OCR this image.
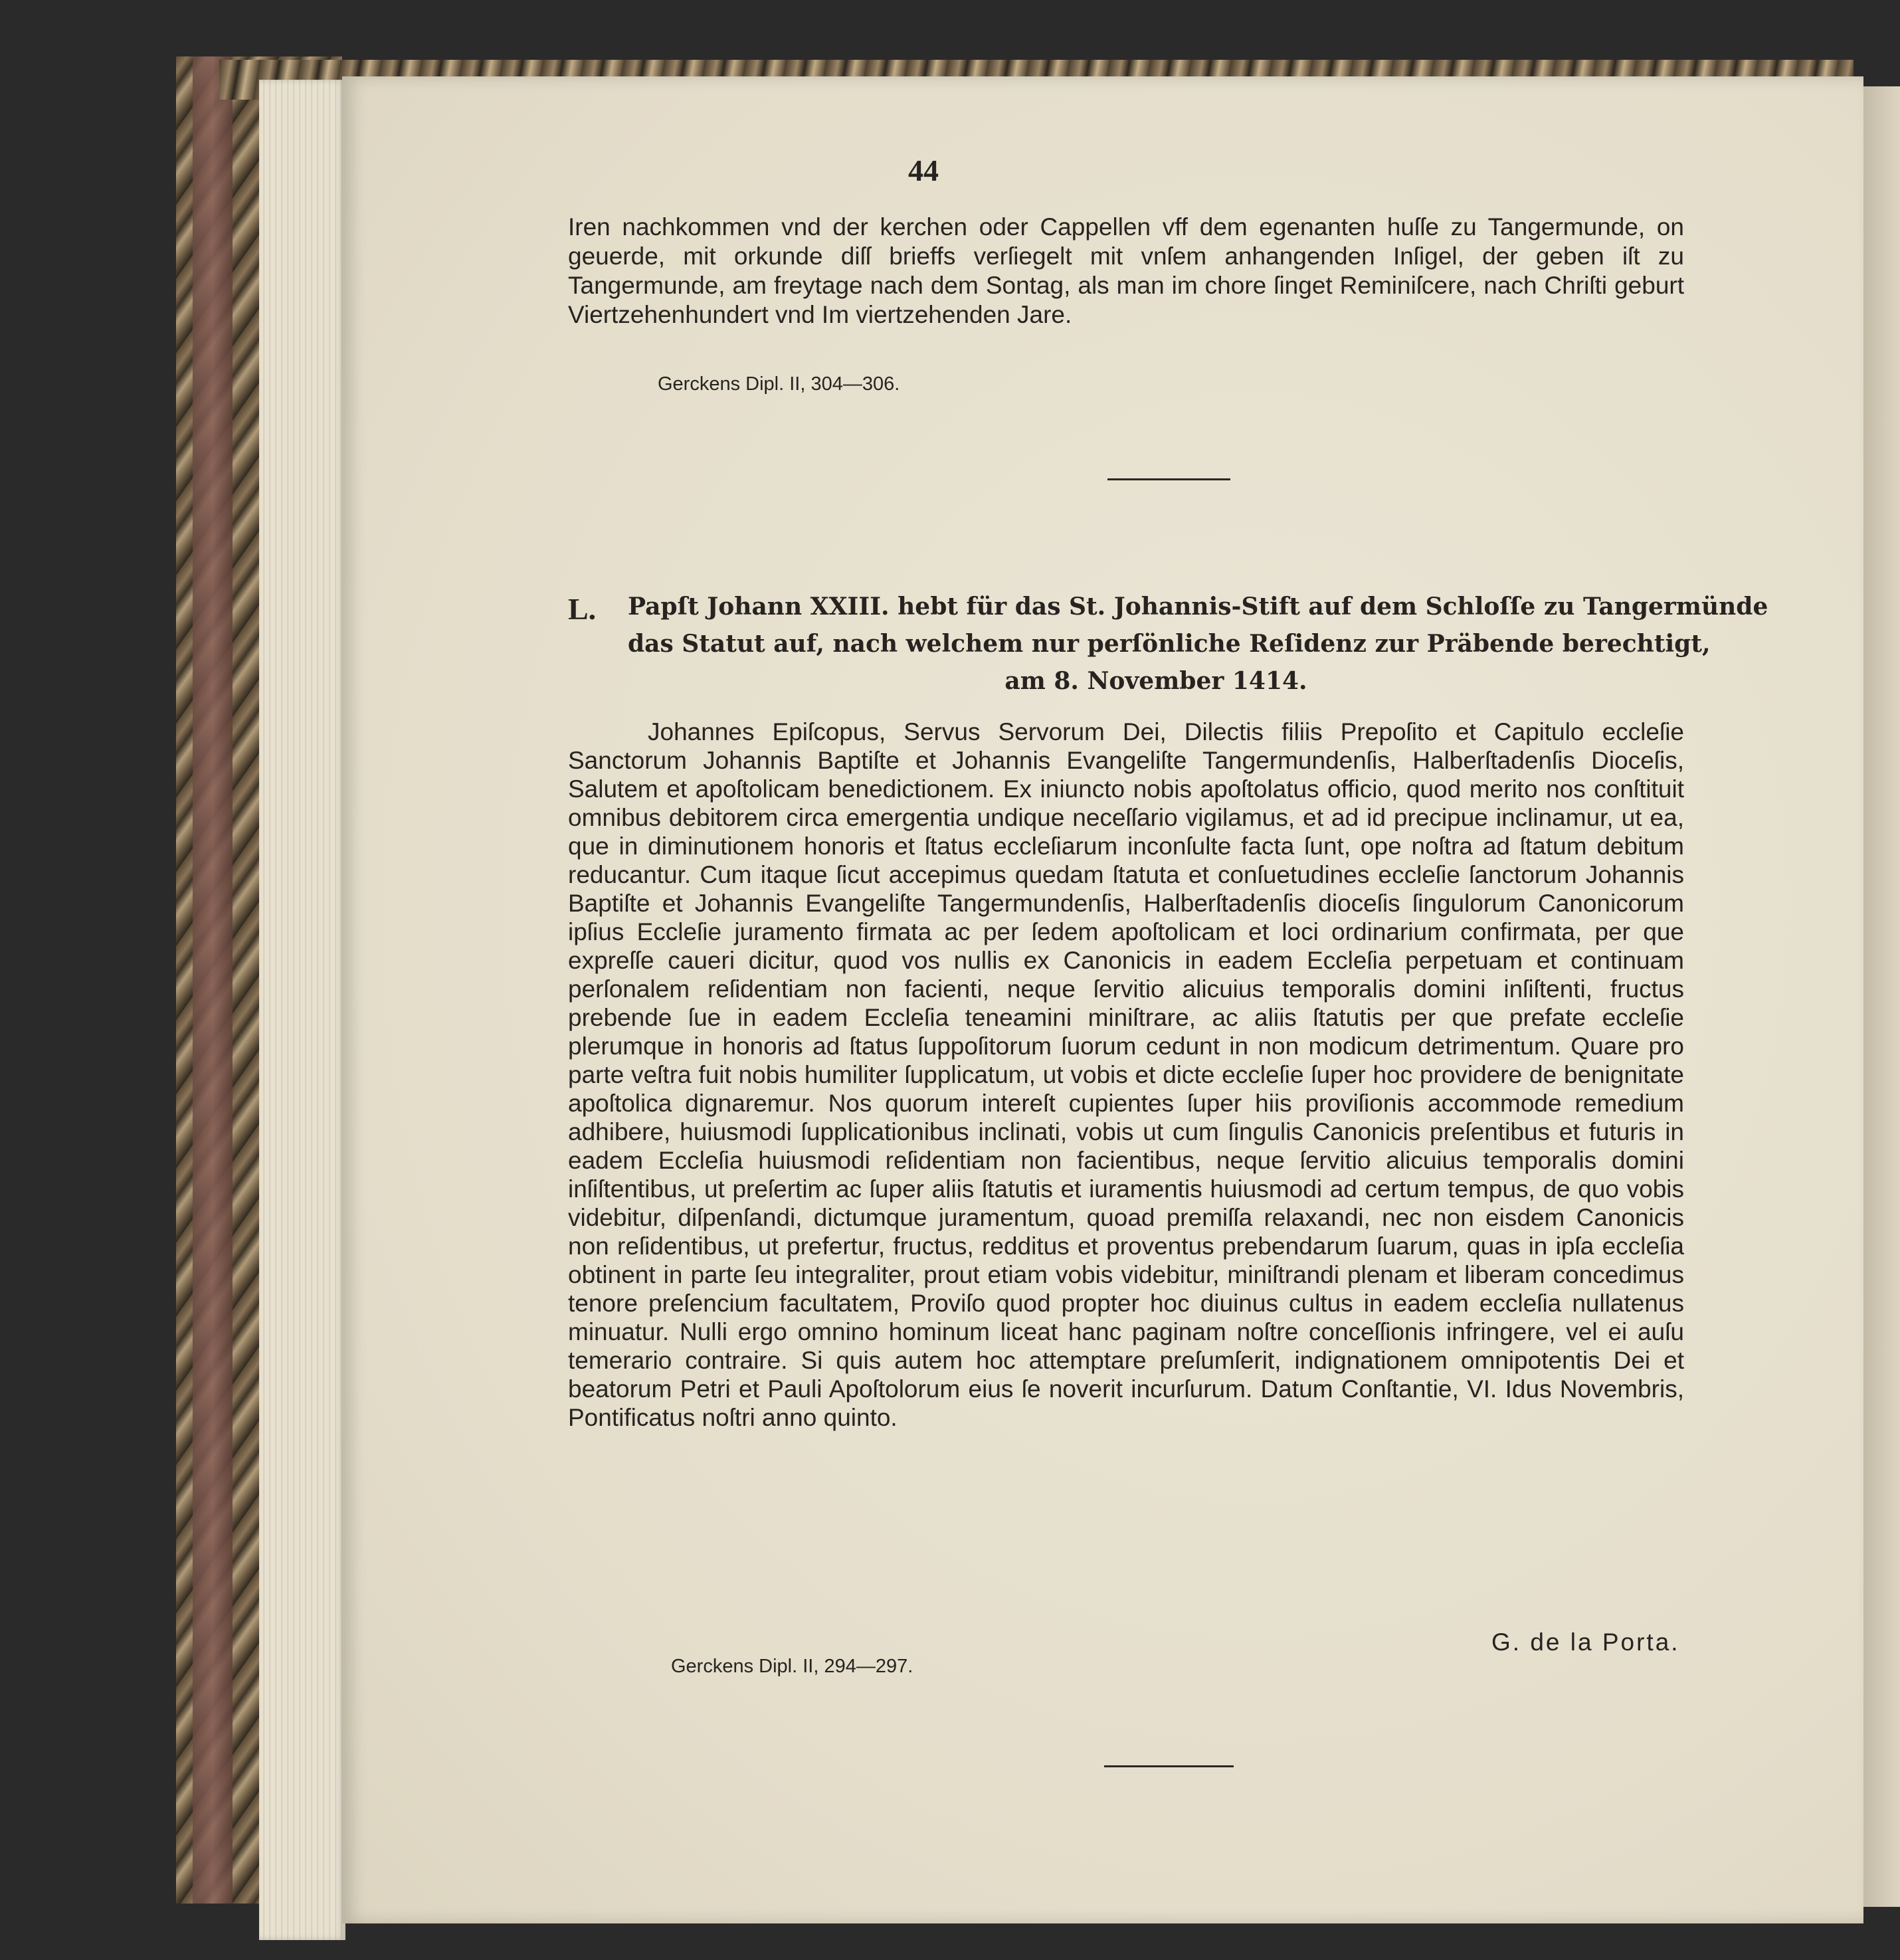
44

Iren nachkommen vnd der kerchen oder Cappellen vff dem egenanten huſſe zu Tangermunde, on geuerde, mit orkunde diſſ brieffs verſiegelt mit vnſem anhangenden Inſigel, der geben iſt zu Tangermunde, am freytage nach dem Sontag, als man im chore ſinget Reminiſcere, nach Chriſti geburt Viertzehenhundert vnd Im viertzehenden Jare.

Gerckens Dipl. II, 304—306.
L. Papſt Johann XXIII. hebt für das St. Johannis-Stift auf dem Schloſſe zu Tangermünde
das Statut auf, nach welchem nur perſönliche Reſidenz zur Präbende berechtigt,
am 8. November 1414.

Johannes Epiſcopus, Servus Servorum Dei, Dilectis filiis Prepoſito et Capitulo eccleſie Sanctorum Johannis Baptiſte et Johannis Evangeliſte Tangermundenſis, Halberſtadenſis Dioceſis, Salutem et apoſtolicam benedictionem. Ex iniuncto nobis apoſtolatus officio, quod merito nos conſtituit omnibus debitorem circa emergentia undique neceſſario vigilamus, et ad id precipue inclinamur, ut ea, que in diminutionem honoris et ſtatus eccleſiarum inconſulte facta ſunt, ope noſtra ad ſtatum debitum reducantur. Cum itaque ſicut accepimus quedam ſtatuta et conſuetudines eccleſie ſanctorum Johannis Baptiſte et Johannis Evangeliſte Tangermundenſis, Halberſtadenſis dioceſis ſingulorum Canonicorum ipſius Eccleſie juramento firmata ac per ſedem apoſtolicam et loci ordinarium confirmata, per que expreſſe caueri dicitur, quod vos nullis ex Canonicis in eadem Eccleſia perpetuam et continuam perſonalem reſidentiam non facienti, neque ſervitio alicuius temporalis domini inſiſtenti, fructus prebende ſue in eadem Eccleſia teneamini miniſtrare, ac aliis ſtatutis per que prefate eccleſie plerumque in honoris ad ſtatus ſuppoſitorum ſuorum cedunt in non modicum detrimentum. Quare pro parte veſtra fuit nobis humiliter ſupplicatum, ut vobis et dicte eccleſie ſuper hoc providere de benignitate apoſtolica dignaremur. Nos quorum intereſt cupientes ſuper hiis proviſionis accommode remedium adhibere, huiusmodi ſupplicationibus inclinati, vobis ut cum ſingulis Canonicis preſentibus et futuris in eadem Eccleſia huiusmodi reſidentiam non facientibus, neque ſervitio alicuius temporalis domini inſiſtentibus, ut preſertim ac ſuper aliis ſtatutis et iuramentis huiusmodi ad certum tempus, de quo vobis videbitur, diſpenſandi, dictumque juramentum, quoad premiſſa relaxandi, nec non eisdem Canonicis non reſidentibus, ut prefertur, fructus, redditus et proventus prebendarum ſuarum, quas in ipſa eccleſia obtinent in parte ſeu integraliter, prout etiam vobis videbitur, miniſtrandi plenam et liberam concedimus tenore preſencium facultatem, Proviſo quod propter hoc diuinus cultus in eadem eccleſia nullatenus minuatur. Nulli ergo omnino hominum liceat hanc paginam noſtre conceſſionis infringere, vel ei auſu temerario contraire. Si quis autem hoc attemptare preſumſerit, indignationem omnipotentis Dei et beatorum Petri et Pauli Apoſtolorum eius ſe noverit incurſurum. Datum Conſtantie, VI. Idus Novembris, Pontificatus noſtri anno quinto.

G. de la Porta.
Gerckens Dipl. II, 294—297.
